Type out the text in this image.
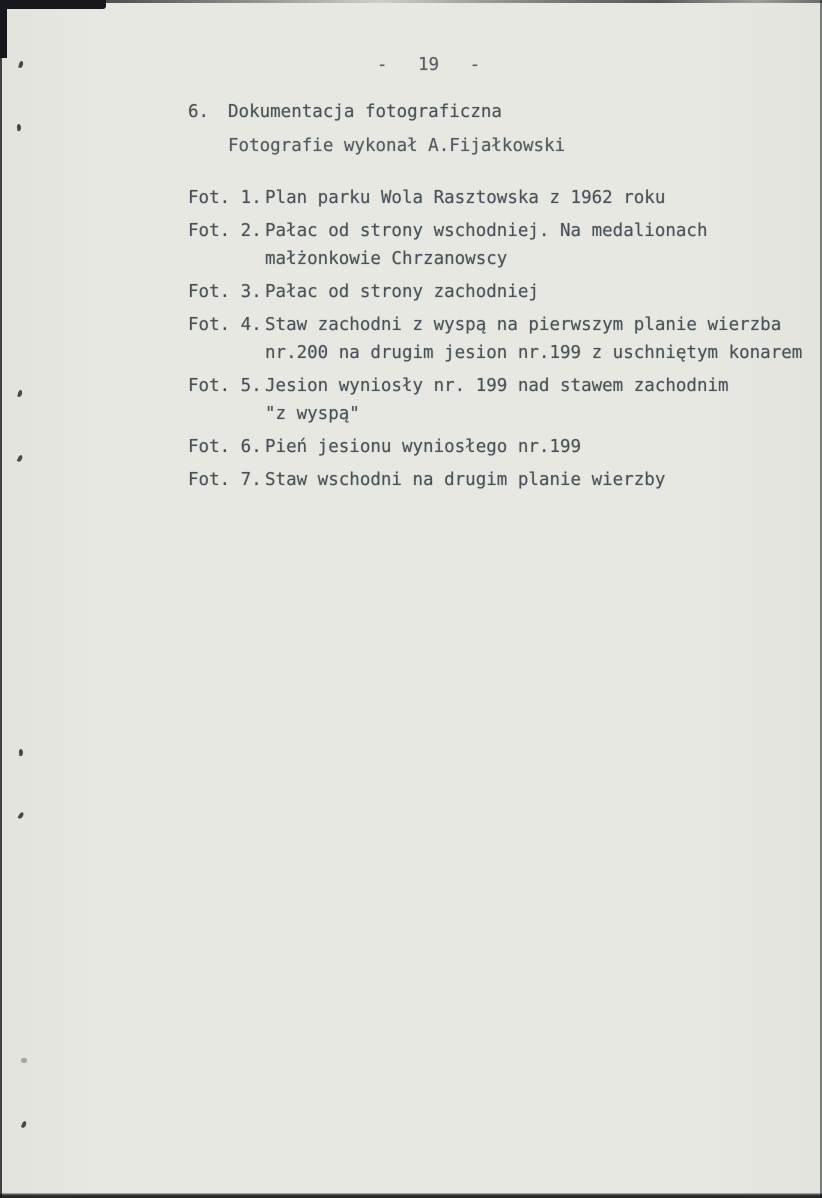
- 19 -
6. Dokumentacja fotograficzna
Fotografie wykonał A.Fijałkowski
Fot. 1. Plan parku Wola Rasztowska z 1962 roku
Fot. 2. Pałac od strony wschodniej. Na medalionach
małżonkowie Chrzanowscy
Fot. 3. Pałac od strony zachodniej
Fot. 4. Staw zachodni z wyspą na pierwszym planie wierzba
nr.200 na drugim jesion nr.199 z uschniętym konarem
Fot. 5. Jesion wyniosły nr. 199 nad stawem zachodnim
"z wyspą"
Fot. 6. Pień jesionu wyniosłego nr.199
Fot. 7. Staw wschodni na drugim planie wierzby
